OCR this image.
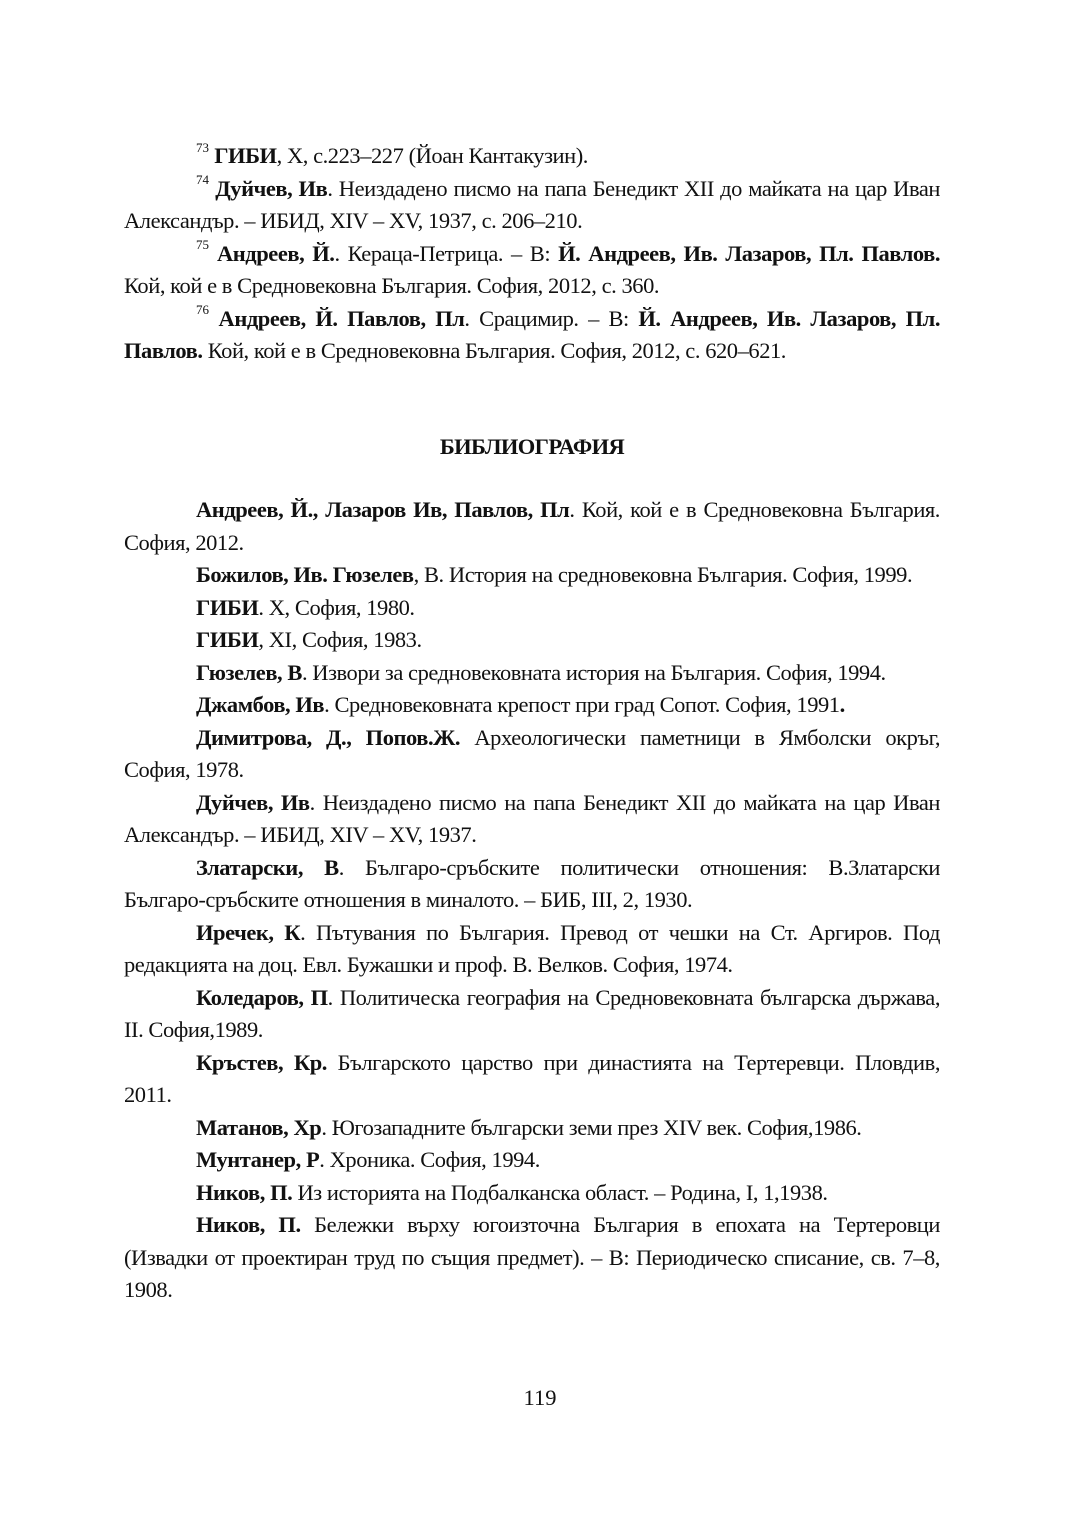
$^{73}$ ГИБИ, Х, с.223–227 (Йоан Кантакузин).

$^{74}$ Дуйчев, Ив. Неиздадено писмо на папа Бенедикт XII до майката на цар Иван Александър. – ИБИД, XIV – XV, 1937, с. 206–210.

$^{75}$ Андреев, Й.. Кераца-Петрица. – В: Й. Андреев, Ив. Лазаров, Пл. Павлов. Кой, кой е в Средновековна България. София, 2012, с. 360.

$^{76}$ Андреев, Й. Павлов, Пл. Срацимир. – В: Й. Андреев, Ив. Лазаров, Пл. Павлов. Кой, кой е в Средновековна България. София, 2012, с. 620–621.

БИБЛИОГРАФИЯ

Андреев, Й., Лазаров Ив, Павлов, Пл. Кой, кой е в Средновековна България. София, 2012.

Божилов, Ив. Гюзелев, В. История на средновековна България. София, 1999.

ГИБИ. Х, София, 1980.

ГИБИ, XI, София, 1983.

Гюзелев, В. Извори за средновековната история на България. София, 1994.

Джамбов, Ив. Средновековната крепост при град Сопот. София, 1991.

Димитрова, Д., Попов.Ж. Археологически паметници в Ямболски окръг, София, 1978.

Дуйчев, Ив. Неиздадено писмо на папа Бенедикт XII до майката на цар Иван Александър. – ИБИД, XIV – XV, 1937.

Златарски, В. Българо-сръбските политически отношения: В.Златарски Българо-сръбските отношения в миналото. – БИБ, III, 2, 1930.

Иречек, К. Пътувания по България. Превод от чешки на Ст. Аргиров. Под редакцията на доц. Евл. Бужашки и проф. В. Велков. София, 1974.

Коледаров, П. Политическа география на Средновековната българска държава, II. София,1989.

Кръстев, Кр. Българското царство при династията на Тертеревци. Пловдив, 2011.

Матанов, Хр. Югозападните български земи през XIV век. София,1986.

Мунтанер, Р. Хроника. София, 1994.

Ников, П. Из историята на Подбалканска област. – Родина, I, 1,1938.

Ников, П. Бележки върху югоизточна България в епохата на Тертеровци (Извадки от проектиран труд по същия предмет). – В: Периодическо списание, св. 7–8, 1908.

119
